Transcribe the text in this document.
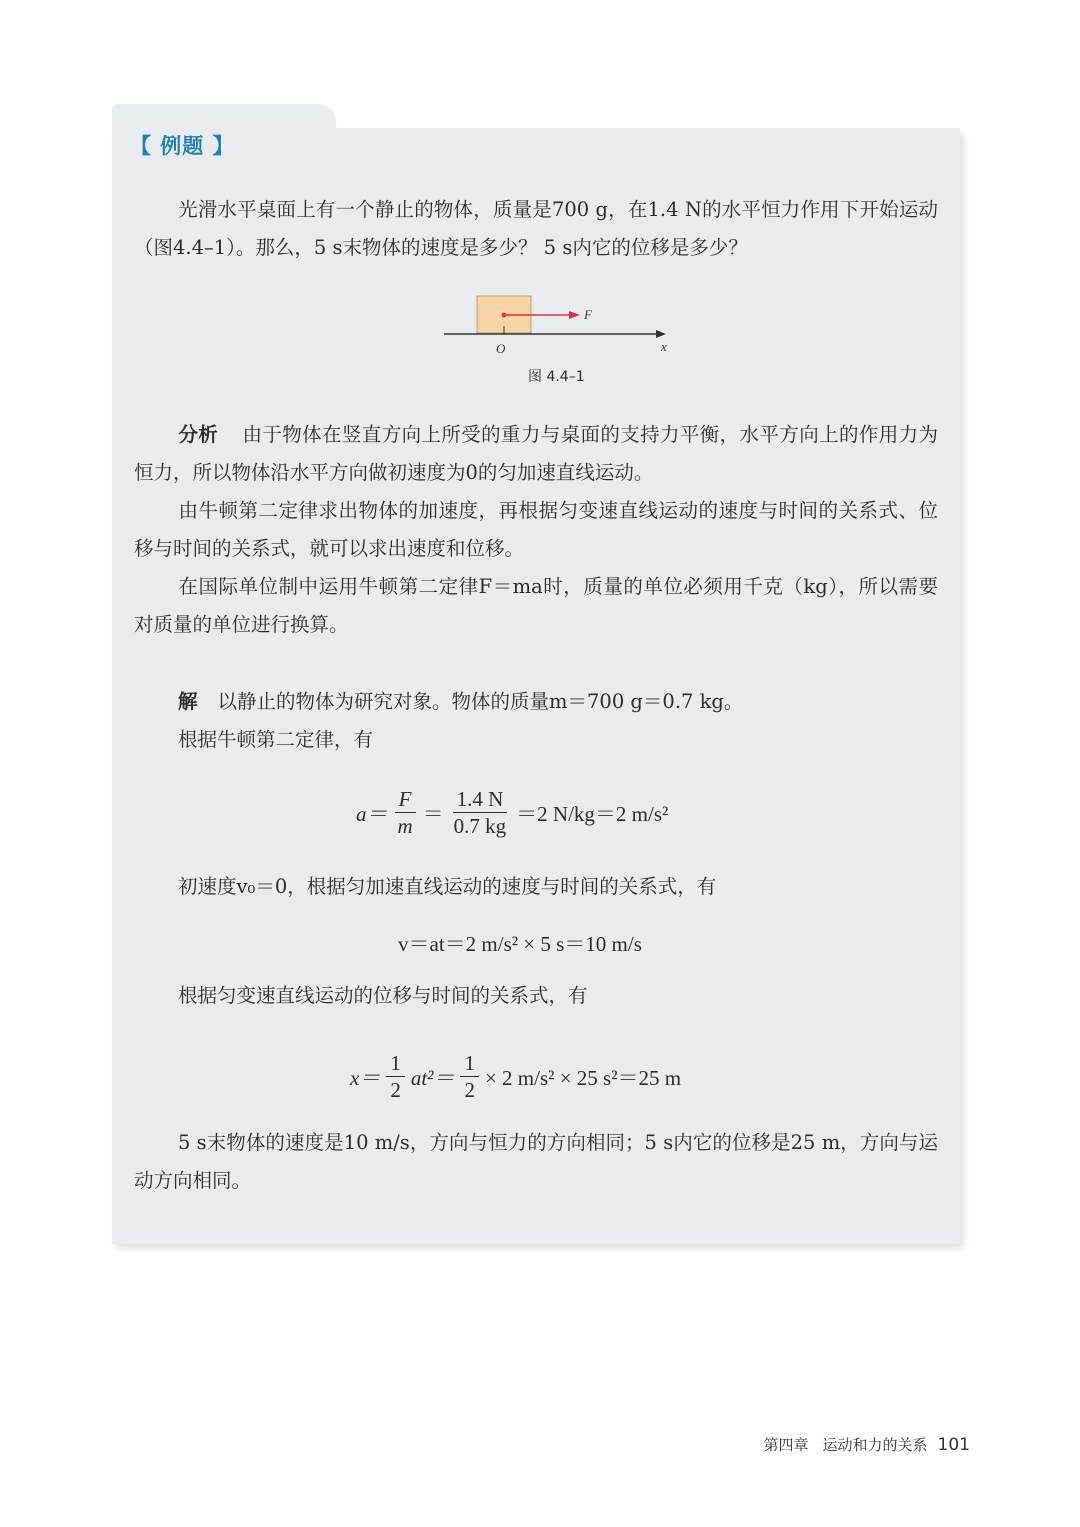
【 例题 】
光滑水平桌面上有一个静止的物体，质量是700 g，在1.4 N的水平恒力作用下开始运动（图4.4–1）。那么，5 s末物体的速度是多少？ 5 s内它的位移是多少？
F
O	x
图 4.4–1
分析 由于物体在竖直方向上所受的重力与桌面的支持力平衡，水平方向上的作用力为恒力，所以物体沿水平方向做初速度为0的匀加速直线运动。
由牛顿第二定律求出物体的加速度，再根据匀变速直线运动的速度与时间的关系式、位移与时间的关系式，就可以求出速度和位移。
在国际单位制中运用牛顿第二定律F＝ma时，质量的单位必须用千克（kg），所以需要对质量的单位进行换算。
解 以静止的物体为研究对象。物体的质量m＝700 g＝0.7 kg。
根据牛顿第二定律，有
$a= \frac{F}{m} = \frac{1.4 N}{0.7 kg} =2$ N/kg＝2 m/s²
初速度v₀＝0，根据匀加速直线运动的速度与时间的关系式，有
v＝at＝2 m/s² × 5 s＝10 m/s
根据匀变速直线运动的位移与时间的关系式，有
$x= \frac{1}{2} at^2= \frac{1}{2} \times 2$ m/s² × 25 s²＝25 m
5 s末物体的速度是10 m/s，方向与恒力的方向相同；5 s内它的位移是25 m，方向与运动方向相同。
第四章 运动和力的关系 101
